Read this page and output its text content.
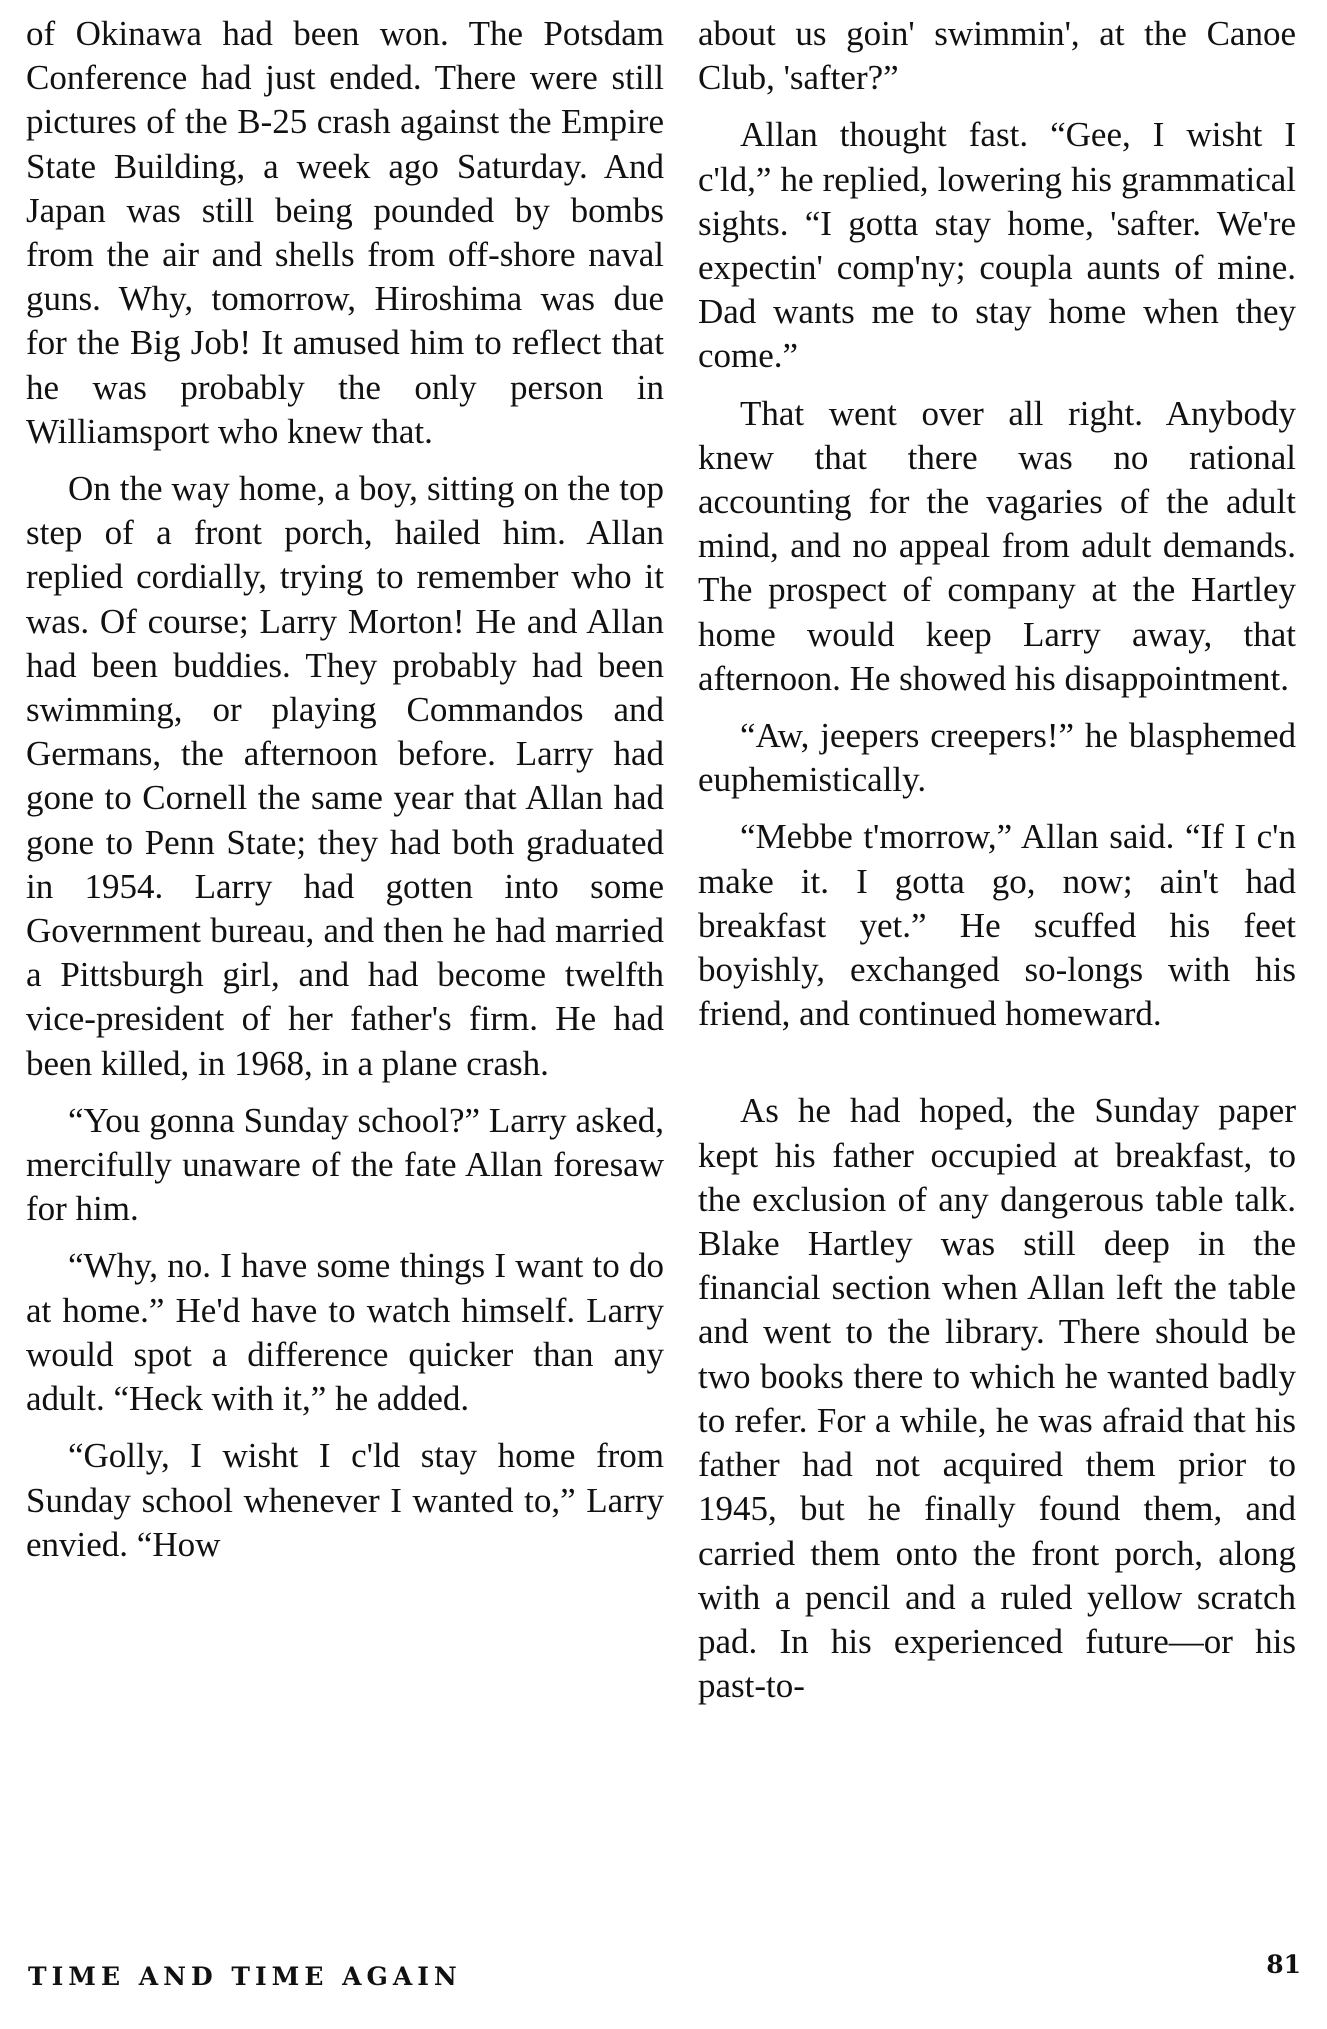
of Okinawa had been won. The Potsdam Conference had just ended. There were still pictures of the B-25 crash against the Empire State Building, a week ago Saturday. And Japan was still being pounded by bombs from the air and shells from off-shore naval guns. Why, tomorrow, Hiroshima was due for the Big Job! It amused him to reflect that he was probably the only person in Williamsport who knew that.

On the way home, a boy, sitting on the top step of a front porch, hailed him. Allan replied cordially, trying to remember who it was. Of course; Larry Morton! He and Allan had been buddies. They probably had been swimming, or playing Commandos and Germans, the afternoon before. Larry had gone to Cornell the same year that Allan had gone to Penn State; they had both graduated in 1954. Larry had gotten into some Government bureau, and then he had married a Pittsburgh girl, and had become twelfth vice-president of her father's firm. He had been killed, in 1968, in a plane crash.

“You gonna Sunday school?” Larry asked, mercifully unaware of the fate Allan foresaw for him.

“Why, no. I have some things I want to do at home.” He'd have to watch himself. Larry would spot a difference quicker than any adult. “Heck with it,” he added.

“Golly, I wisht I c'ld stay home from Sunday school whenever I wanted to,” Larry envied. “How

about us goin' swimmin', at the Canoe Club, 'safter?”

Allan thought fast. “Gee, I wisht I c'ld,” he replied, lowering his grammatical sights. “I gotta stay home, 'safter. We're expectin' comp'ny; coupla aunts of mine. Dad wants me to stay home when they come.”

That went over all right. Anybody knew that there was no rational accounting for the vagaries of the adult mind, and no appeal from adult demands. The prospect of company at the Hartley home would keep Larry away, that afternoon. He showed his disappointment.

“Aw, jeepers creepers!” he blasphemed euphemistically.

“Mebbe t'morrow,” Allan said. “If I c'n make it. I gotta go, now; ain't had breakfast yet.” He scuffed his feet boyishly, exchanged so-longs with his friend, and continued homeward.

As he had hoped, the Sunday paper kept his father occupied at breakfast, to the exclusion of any dangerous table talk. Blake Hartley was still deep in the financial section when Allan left the table and went to the library. There should be two books there to which he wanted badly to refer. For a while, he was afraid that his father had not acquired them prior to 1945, but he finally found them, and carried them onto the front porch, along with a pencil and a ruled yellow scratch pad. In his experienced future—or his past-to-

TIME AND TIME AGAIN	81
